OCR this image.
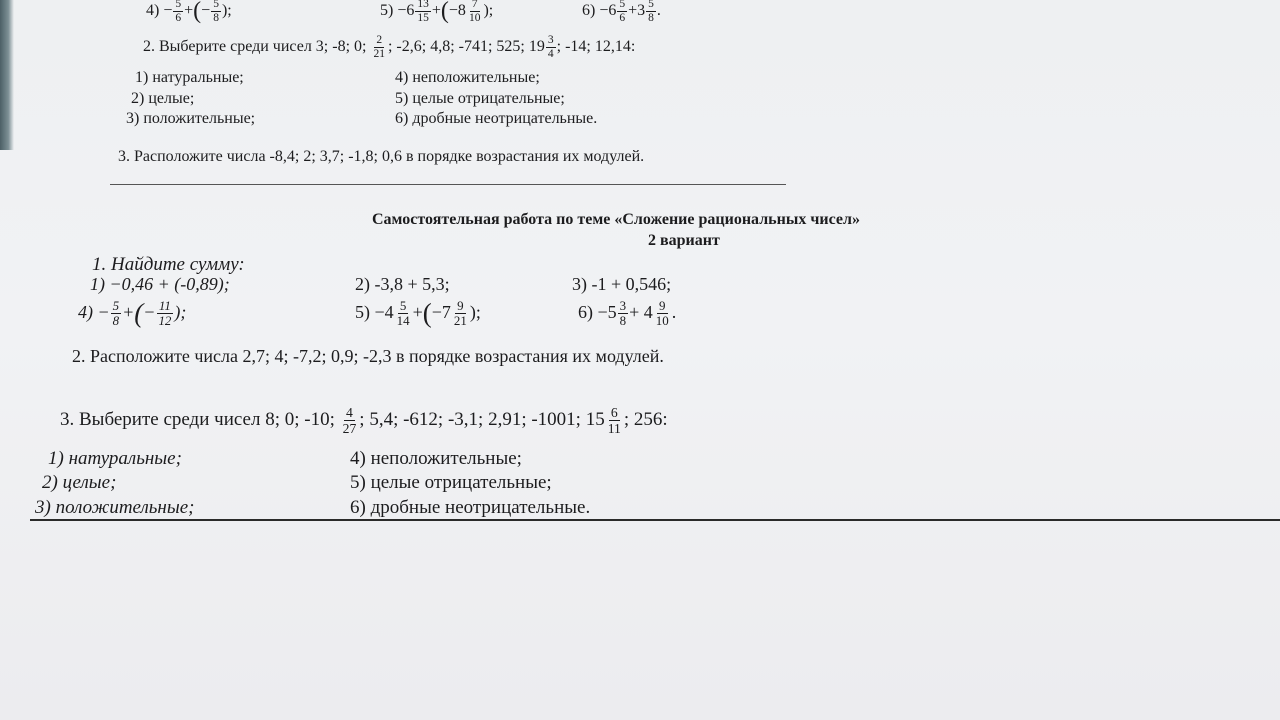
$4) - \frac{5}{6}$ +(− $\frac{5}{8}$ );	$5) -6 \frac{13}{15} +(-8 \frac{7}{10}$ );	$6) -6 \frac{5}{6} +3 \frac{5}{8}$ .
2. Выберите среди чисел 3; -8; 0; $\frac{2}{21}$ ; -2,6; 4,8; -741; 525; $19 \frac{3}{4}$ ; -14; 12,14:
1) натуральные;
2) целые;
3) положительные;
4) неположительные;
5) целые отрицательные;
6) дробные неотрицательные.
3. Расположите числа -8,4; 2; 3,7; -1,8; 0,6 в порядке возрастания их модулей.
Самостоятельная работа по теме «Сложение рациональных чисел»
2 вариант
1. Найдите сумму:
1) −0,46 + (-0,89);	2) -3,8 + 5,3;	3) -1 + 0,546;
$4) - \frac{5}{8}$ +(− $\frac{11}{12}$ );	$5) -4 \frac{5}{14} +(-7 \frac{9}{21}$ );	$6) -5 \frac{3}{8} + 4 \frac{9}{10}$ .
2. Расположите числа 2,7; 4; -7,2; 0,9; -2,3 в порядке возрастания их модулей.
3. Выберите среди чисел 8; 0; -10; $\frac{4}{27}$ ; 5,4; -612; -3,1; 2,91; -1001; $15 \frac{6}{11}$ ; 256:
1) натуральные;
2) целые;
3) положительные;
4) неположительные;
5) целые отрицательные;
6) дробные неотрицательные.
